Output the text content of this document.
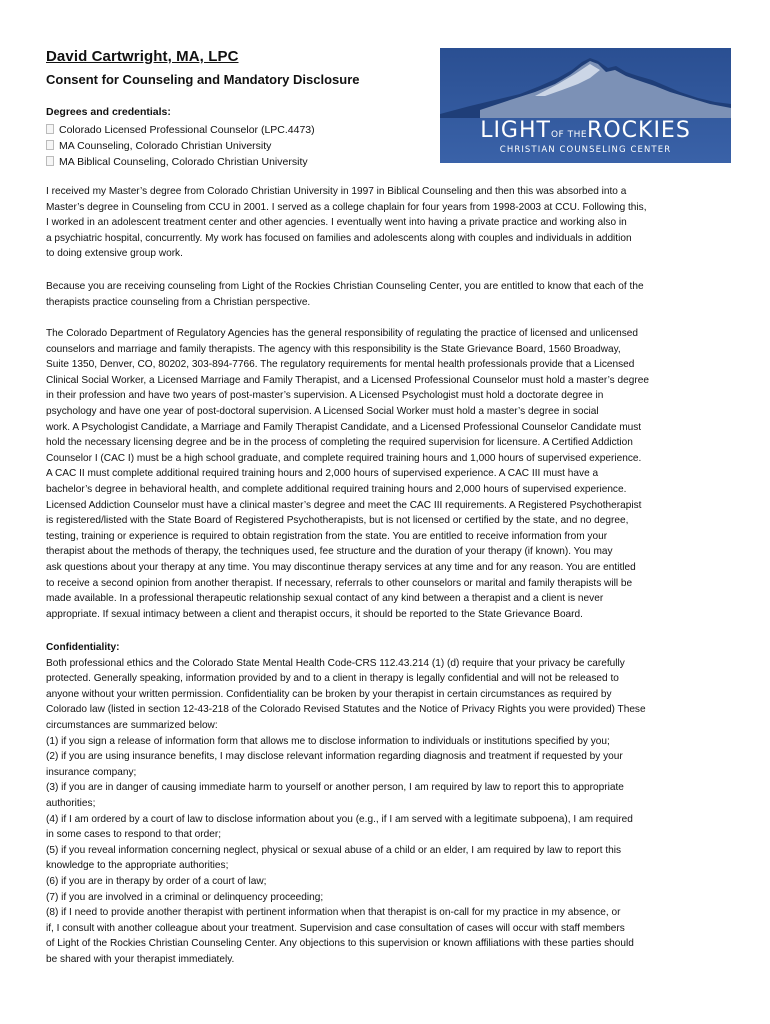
David Cartwright, MA, LPC
Consent for Counseling and Mandatory Disclosure
Degrees and credentials:
Colorado Licensed Professional Counselor (LPC.4473)
MA Counseling, Colorado Christian University
MA Biblical Counseling, Colorado Christian University
I received my Master’s degree from Colorado Christian University in 1997 in Biblical Counseling and then this was absorbed into a
Master’s degree in Counseling from CCU in 2001. I served as a college chaplain for four years from 1998-2003 at CCU. Following this,
I worked in an adolescent treatment center and other agencies. I eventually went into having a private practice and working also in
a psychiatric hospital, concurrently. My work has focused on families and adolescents along with couples and individuals in addition
to doing extensive group work.
Because you are receiving counseling from Light of the Rockies Christian Counseling Center, you are entitled to know that each of the
therapists practice counseling from a Christian perspective.
The Colorado Department of Regulatory Agencies has the general responsibility of regulating the practice of licensed and unlicensed
counselors and marriage and family therapists. The agency with this responsibility is the State Grievance Board, 1560 Broadway,
Suite 1350, Denver, CO, 80202, 303-894-7766. The regulatory requirements for mental health professionals provide that a Licensed
Clinical Social Worker, a Licensed Marriage and Family Therapist, and a Licensed Professional Counselor must hold a master’s degree
in their profession and have two years of post-master’s supervision. A Licensed Psychologist must hold a doctorate degree in
psychology and have one year of post-doctoral supervision. A Licensed Social Worker must hold a master’s degree in social
work. A Psychologist Candidate, a Marriage and Family Therapist Candidate, and a Licensed Professional Counselor Candidate must
hold the necessary licensing degree and be in the process of completing the required supervision for licensure. A Certified Addiction
Counselor I (CAC I) must be a high school graduate, and complete required training hours and 1,000 hours of supervised experience.
A CAC II must complete additional required training hours and 2,000 hours of supervised experience. A CAC III must have a
bachelor’s degree in behavioral health, and complete additional required training hours and 2,000 hours of supervised experience.
Licensed Addiction Counselor must have a clinical master’s degree and meet the CAC III requirements. A Registered Psychotherapist
is registered/listed with the State Board of Registered Psychotherapists, but is not licensed or certified by the state, and no degree,
testing, training or experience is required to obtain registration from the state. You are entitled to receive information from your
therapist about the methods of therapy, the techniques used, fee structure and the duration of your therapy (if known). You may
ask questions about your therapy at any time. You may discontinue therapy services at any time and for any reason. You are entitled
to receive a second opinion from another therapist. If necessary, referrals to other counselors or marital and family therapists will be
made available. In a professional therapeutic relationship sexual contact of any kind between a therapist and a client is never
appropriate. If sexual intimacy between a client and therapist occurs, it should be reported to the State Grievance Board.
Confidentiality:
Both professional ethics and the Colorado State Mental Health Code-CRS 112.43.214 (1) (d) require that your privacy be carefully
protected. Generally speaking, information provided by and to a client in therapy is legally confidential and will not be released to
anyone without your written permission. Confidentiality can be broken by your therapist in certain circumstances as required by
Colorado law (listed in section 12-43-218 of the Colorado Revised Statutes and the Notice of Privacy Rights you were provided) These
circumstances are summarized below:
(1) if you sign a release of information form that allows me to disclose information to individuals or institutions specified by you;
(2) if you are using insurance benefits, I may disclose relevant information regarding diagnosis and treatment if requested by your
insurance company;
(3) if you are in danger of causing immediate harm to yourself or another person, I am required by law to report this to appropriate
authorities;
(4) if I am ordered by a court of law to disclose information about you (e.g., if I am served with a legitimate subpoena), I am required
in some cases to respond to that order;
(5) if you reveal information concerning neglect, physical or sexual abuse of a child or an elder, I am required by law to report this
knowledge to the appropriate authorities;
(6) if you are in therapy by order of a court of law;
(7) if you are involved in a criminal or delinquency proceeding;
(8) if I need to provide another therapist with pertinent information when that therapist is on-call for my practice in my absence, or
if, I consult with another colleague about your treatment. Supervision and case consultation of cases will occur with staff members
of Light of the Rockies Christian Counseling Center. Any objections to this supervision or known affiliations with these parties should
be shared with your therapist immediately.
LIGHTOF THEROCKIES
CHRISTIAN COUNSELING CENTER
